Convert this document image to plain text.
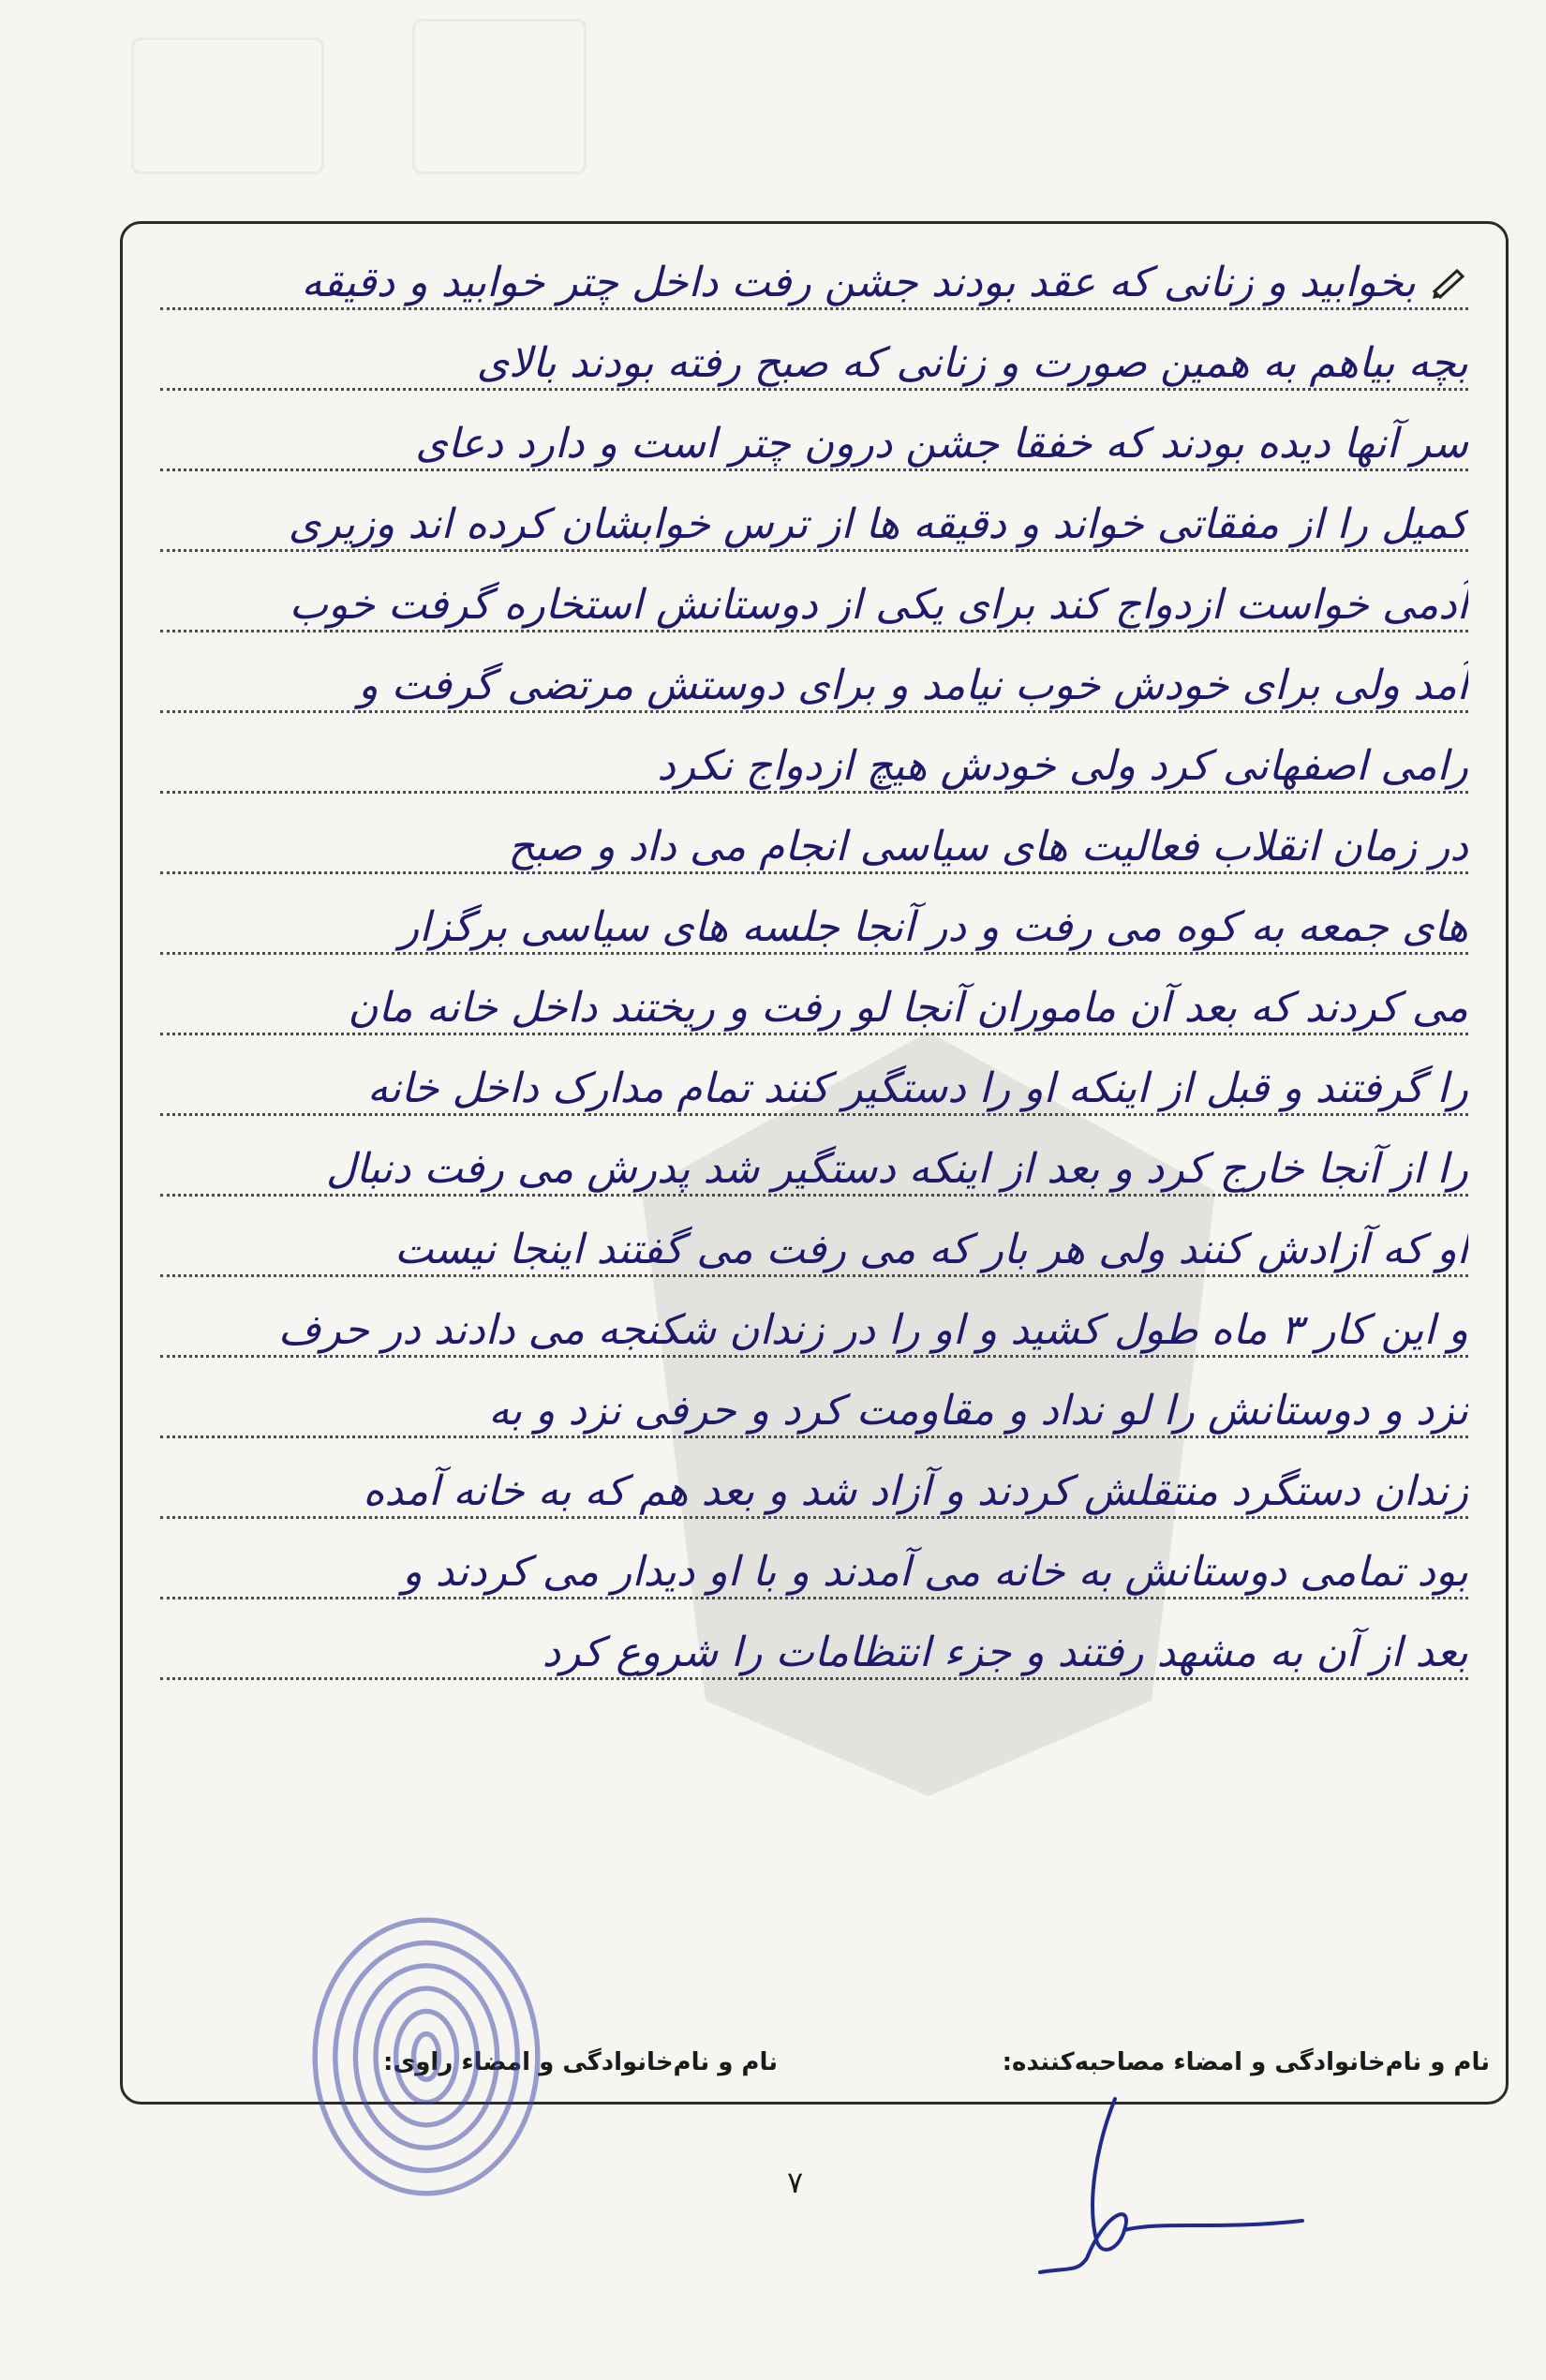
بخوابید و زنانی که عقد بودند جشن رفت داخل چتر خوابید و دقیقه
بچه بیاهم به همین صورت و زنانی که صبح رفته بودند بالای
سر آنها دیده بودند که خفقا جشن درون چتر است و دارد دعای
کمیل را از مفقاتی خواند و دقیقه ها از ترس خوابشان کرده اند وزیری
آدمی خواست ازدواج کند برای یکی از دوستانش استخاره گرفت خوب
آمد ولی برای خودش خوب نیامد و برای دوستش مرتضی گرفت و
رامی اصفهانی کرد ولی خودش هیچ ازدواج نکرد
در زمان انقلاب فعالیت های سیاسی انجام می داد و صبح
های جمعه به کوه می رفت و در آنجا جلسه های سیاسی برگزار
می کردند که بعد آن ماموران آنجا لو رفت و ریختند داخل خانه مان
را گرفتند و قبل از اینکه او را دستگیر کنند تمام مدارک داخل خانه
را از آنجا خارج کرد و بعد از اینکه دستگیر شد پدرش می رفت دنبال
او که آزادش کنند ولی هر بار که می رفت می گفتند اینجا نیست
و این کار ۳ ماه طول کشید و او را در زندان شکنجه می دادند در حرف
نزد و دوستانش را لو نداد و مقاومت کرد و حرفی نزد و به
زندان دستگرد منتقلش کردند و آزاد شد و بعد هم که به خانه آمده
بود تمامی دوستانش به خانه می آمدند و با او دیدار می کردند و
بعد از آن به مشهد رفتند و جزء انتظامات را شروع کرد
نام و نام‌خانوادگی و امضاء مصاحبه‌کننده:
نام و نام‌خانوادگی و امضاء راوی:
۷
